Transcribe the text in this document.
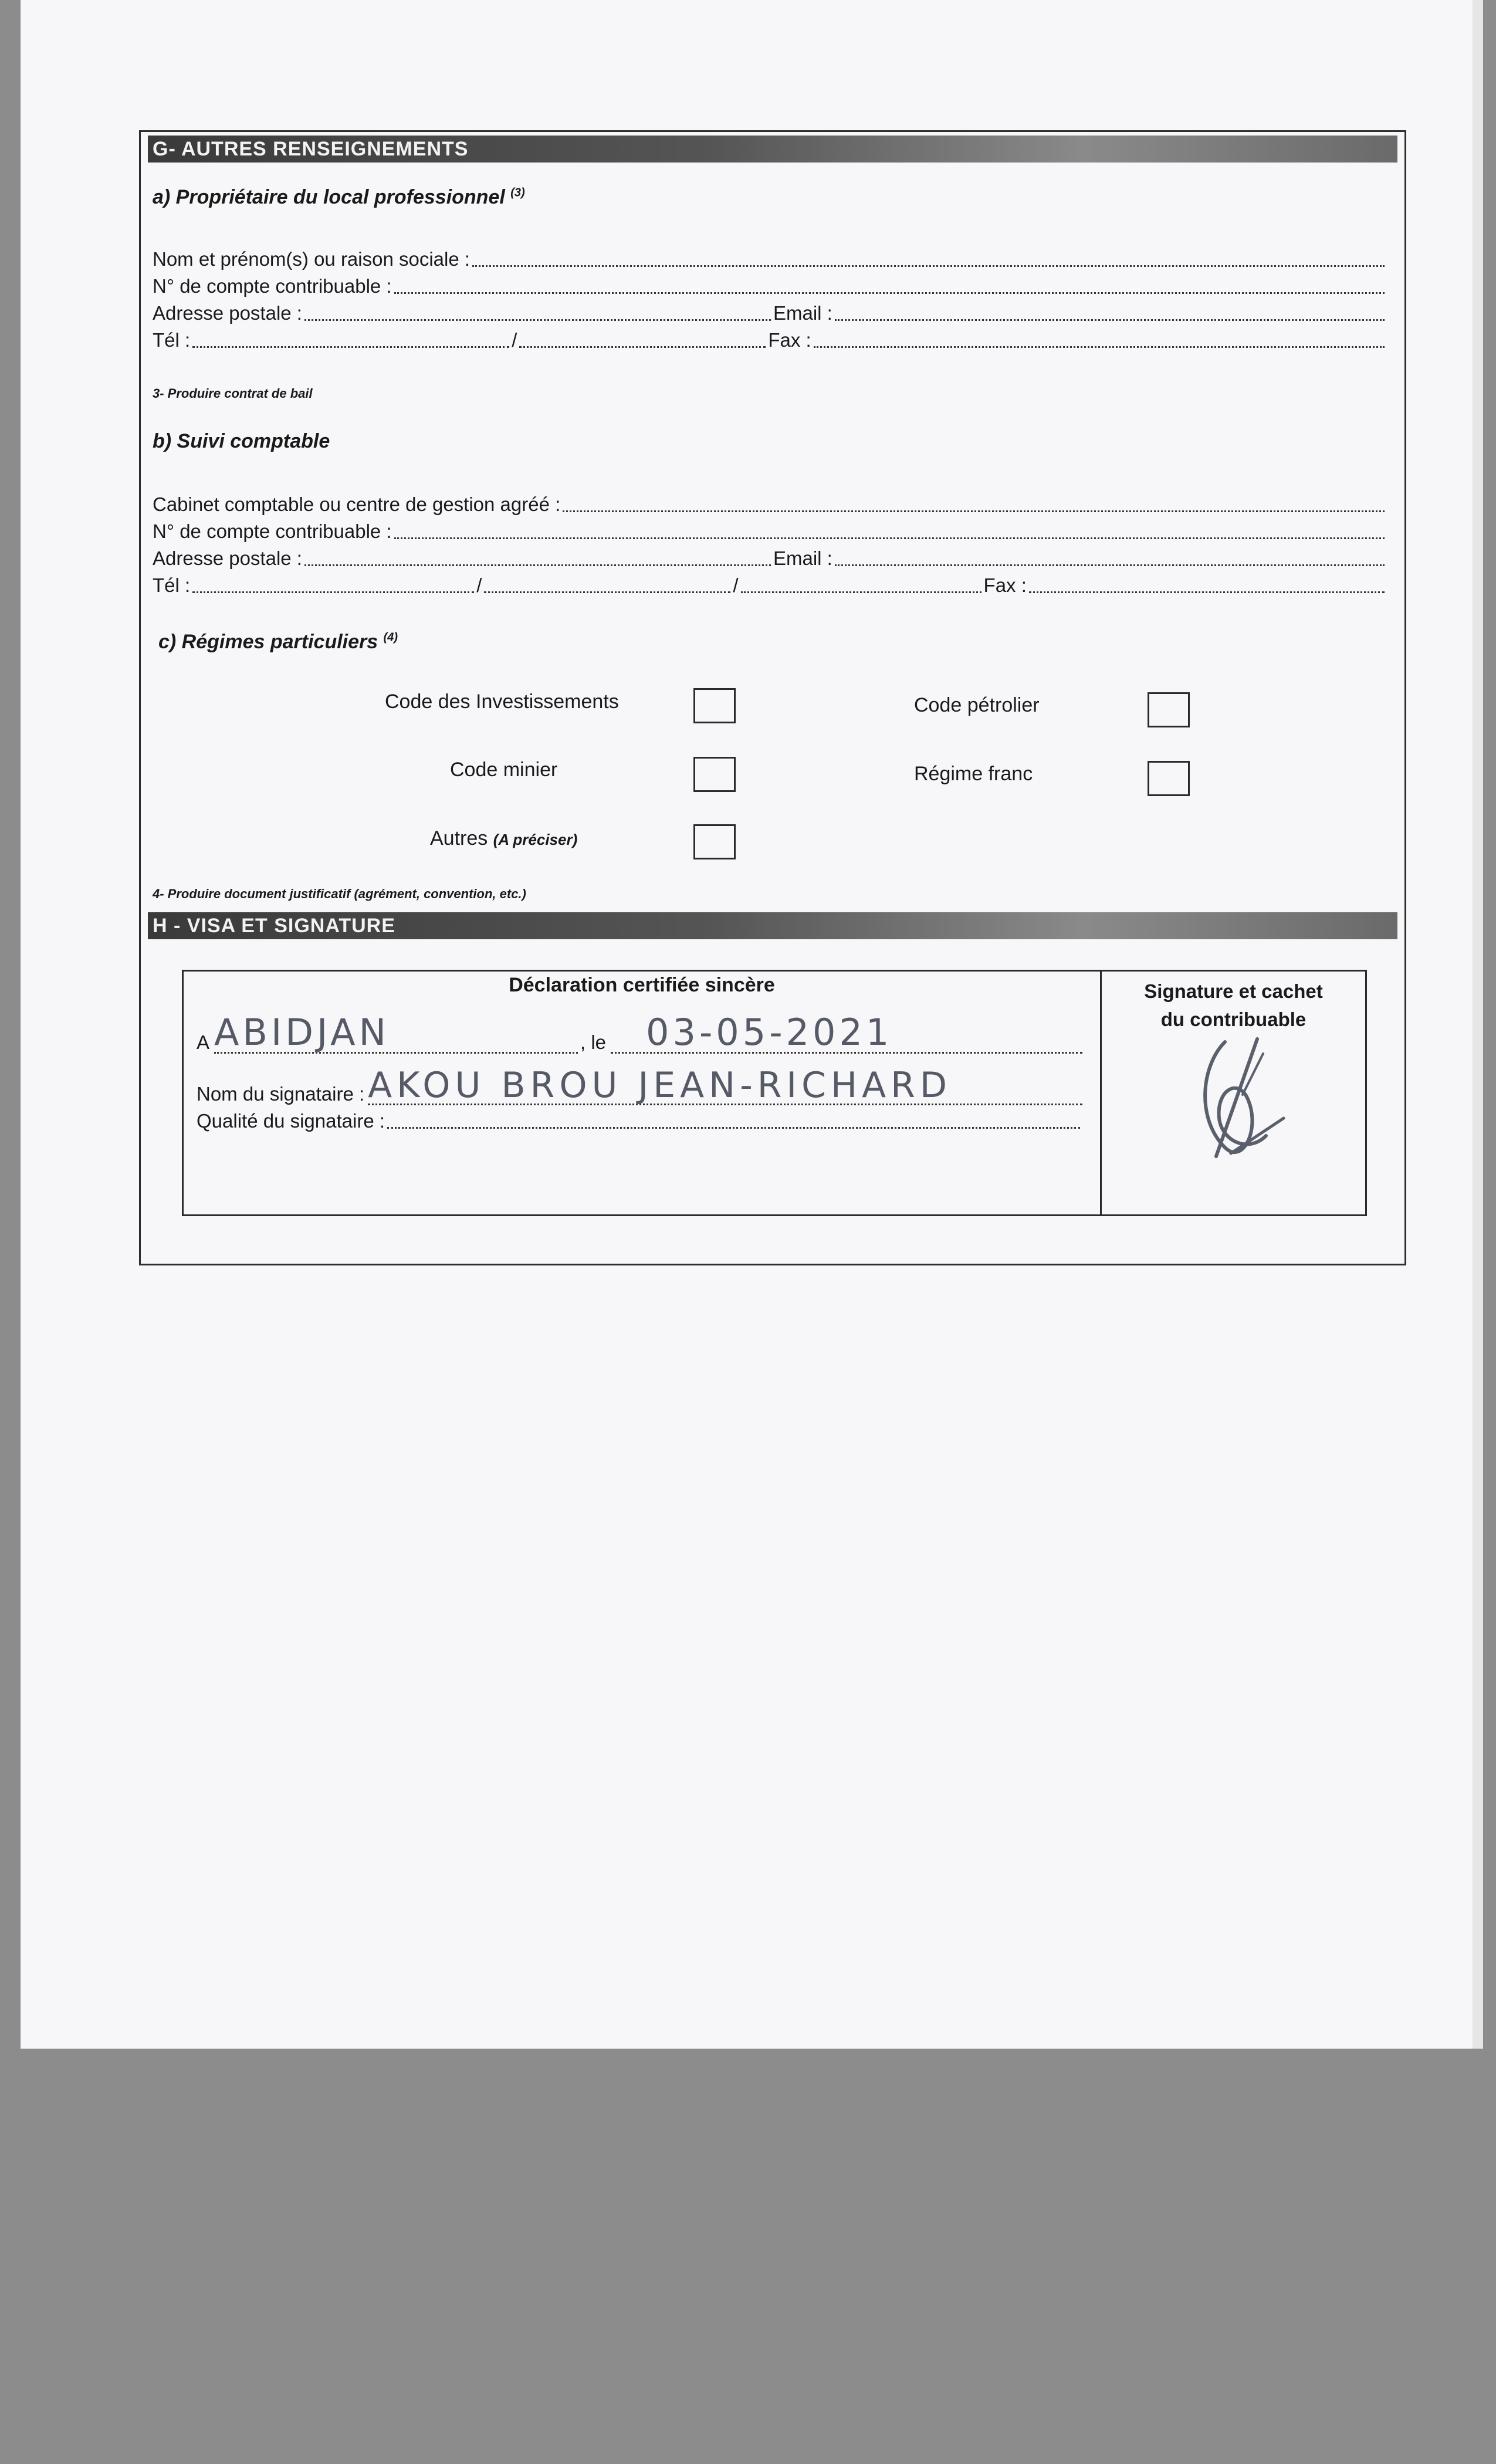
G- AUTRES RENSEIGNEMENTS
a) Propriétaire du local professionnel $^{(3)}$
Nom et prénom(s) ou raison sociale :
N° de compte contribuable :
Adresse postale :	Email :
Tél :	/	Fax :
3- Produire contrat de bail
b) Suivi comptable
Cabinet comptable ou centre de gestion agréé :
N° de compte contribuable :
Adresse postale :	Email :
Tél :	/	/	Fax :
c) Régimes particuliers $^{(4)}$
Code des Investissements	Code pétrolier
Code minier	Régime franc
Autres (A préciser)
4- Produire document justificatif (agrément, convention, etc.)
H - VISA ET SIGNATURE
Déclaration certifiée sincère
A ABIDJAN	, le	03-05-2021
Nom du signataire : AKOU BROU JEAN-RICHARD
Qualité du signataire :
Signature et cachet
du contribuable
